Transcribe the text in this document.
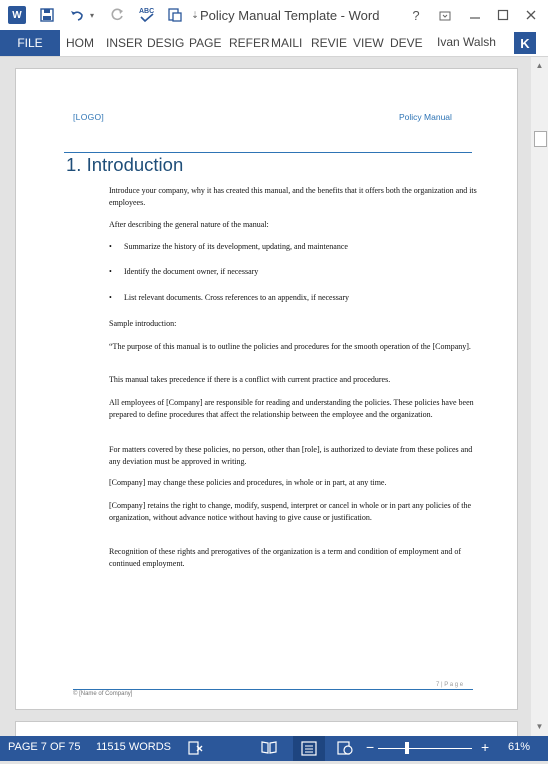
W	▾	ABC	⇣ Policy Manual Template - Word	?
FILE	HOM INSER DESIG PAGE REFER MAILI REVIE VIEW DEVE Ivan Walsh	K
[LOGO]	Policy Manual
1. Introduction

Introduce your company, why it has created this manual, and the benefits that it offers both the organization and its employees.

After describing the general nature of the manual:

• Summarize the history of its development, updating, and maintenance
• Identify the document owner, if necessary
• List relevant documents. Cross references to an appendix, if necessary

Sample introduction:

“The purpose of this manual is to outline the policies and procedures for the smooth operation of the [Company].

This manual takes precedence if there is a conflict with current practice and procedures.

All employees of [Company] are responsible for reading and understanding the policies. These policies have been prepared to define procedures that affect the relationship between the employee and the organization.

For matters covered by these policies, no person, other than [role], is authorized to deviate from these polices and any deviation must be approved in writing.

[Company] may change these policies and procedures, in whole or in part, at any time.

[Company] retains the right to change, modify, suspend, interpret or cancel in whole or in part any policies of the organization, without advance notice without having to give cause or justification.

Recognition of these rights and prerogatives of the organization is a term and condition of employment and of continued employment.

7 | P a g e
© [Name of Company]
▲
▼
PAGE 7 OF 75 11515 WORDS	−	+ 61%
